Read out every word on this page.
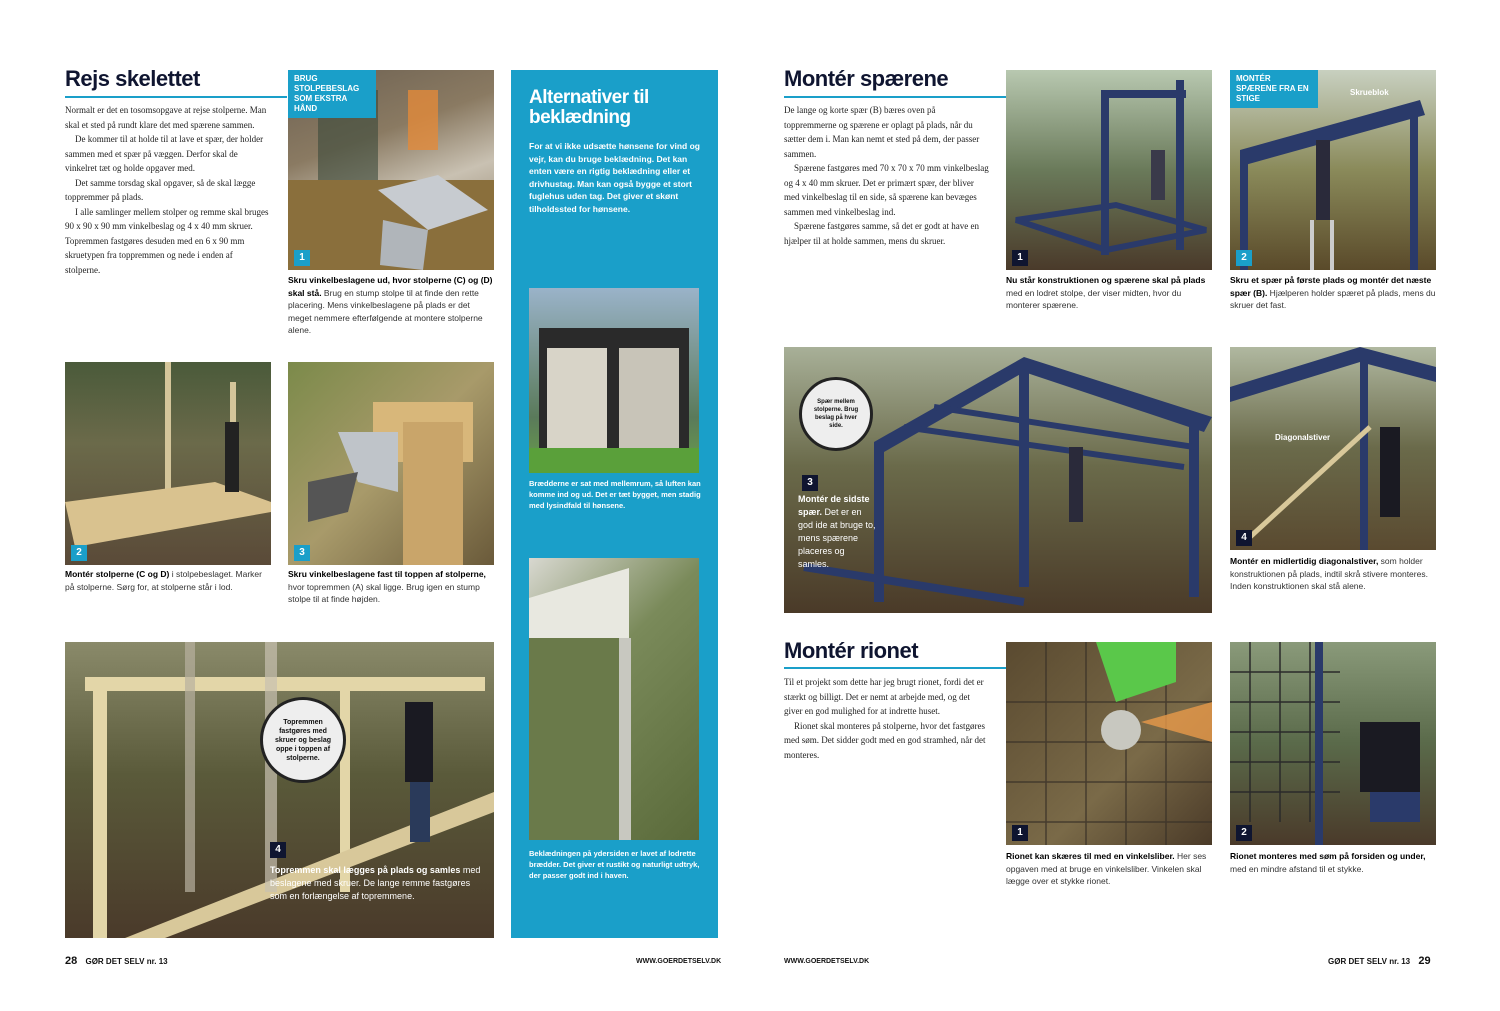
Rejs skelettet

Normalt er det en tosomsopgave at rejse stolperne. Man skal et sted på rundt klare det med spærene sammen.

De kommer til at holde til at lave et spær, der holder sammen med et spær på væggen. Derfor skal de vinkelret tæt og holde opgaver med.

Det samme torsdag skal opgaver, så de skal lægge toppremmer på plads.

I alle samlinger mellem stolper og remme skal bruges 90 x 90 x 90 mm vinkelbeslag og 4 x 40 mm skruer. Topremmen fastgøres desuden med en 6 x 90 mm skruetypen fra toppremmen og nede i enden af stolperne.

BRUG STOLPEBESLAG SOM EKSTRA HÅND
1
Skru vinkelbeslagene ud, hvor stolperne (C) og (D) skal stå. Brug en stump stolpe til at finde den rette placering. Mens vinkelbeslagene på plads er det meget nemmere efterfølgende at montere stolperne alene.
2
Montér stolperne (C og D) i stolpebeslaget. Marker på stolperne. Sørg for, at stolperne står i lod.
3
Skru vinkelbeslagene fast til toppen af stolperne, hvor topremmen (A) skal ligge. Brug igen en stump stolpe til at finde højden.
Topremmen fastgøres med skruer og beslag oppe i toppen af stolperne.
4
Topremmen skal lægges på plads og samles med beslagene med skruer. De lange remme fastgøres som en forlængelse af topremmene.
Alternativer til beklædning
For at vi ikke udsætte hønsene for vind og vejr, kan du bruge beklædning. Det kan enten være en rigtig beklædning eller et drivhustag. Man kan også bygge et stort fuglehus uden tag. Det giver et skønt tilholdssted for hønsene.
Brædderne er sat med mellemrum, så luften kan komme ind og ud. Det er tæt bygget, men stadig med lysindfald til hønsene.
Beklædningen på ydersiden er lavet af lodrette brædder. Det giver et rustikt og naturligt udtryk, der passer godt ind i haven.
28 GØR DET SELV nr. 13	WWW.GOERDETSELV.DK
Montér spærene

De lange og korte spær (B) bæres oven på toppremmerne og spærene er oplagt på plads, når du sætter dem i. Man kan nemt et sted på dem, der passer sammen.

Spærene fastgøres med 70 x 70 x 70 mm vinkelbeslag og 4 x 40 mm skruer. Det er primært spær, der bliver med vinkelbeslag til en side, så spærene kan bevæges sammen med vinkelbeslag ind.

Spærene fastgøres samme, så det er godt at have en hjælper til at holde sammen, mens du skruer.

1
Nu står konstruktionen og spærene skal på plads med en lodret stolpe, der viser midten, hvor du monterer spærene.
MONTÉR SPÆRENE FRA EN STIGE
Skrueblok
2
Skru et spær på første plads og montér det næste spær (B). Hjælperen holder spæret på plads, mens du skruer det fast.
Spær mellem stolperne. Brug beslag på hver side.
3
Montér de sidste spær. Det er en god ide at bruge to, mens spærene placeres og samles.
Diagonalstiver
4
Montér en midlertidig diagonalstiver, som holder konstruktionen på plads, indtil skrå stivere monteres. Inden konstruktionen skal stå alene.
Montér rionet

Til et projekt som dette har jeg brugt rionet, fordi det er stærkt og billigt. Det er nemt at arbejde med, og det giver en god mulighed for at indrette huset.

Rionet skal monteres på stolperne, hvor det fastgøres med søm. Det sidder godt med en god stramhed, når det monteres.

1
Rionet kan skæres til med en vinkelsliber. Her ses opgaven med at bruge en vinkelsliber. Vinkelen skal lægge over et stykke rionet.
2
Rionet monteres med søm på forsiden og under, med en mindre afstand til et stykke.
WWW.GOERDETSELV.DK	GØR DET SELV nr. 13 29
